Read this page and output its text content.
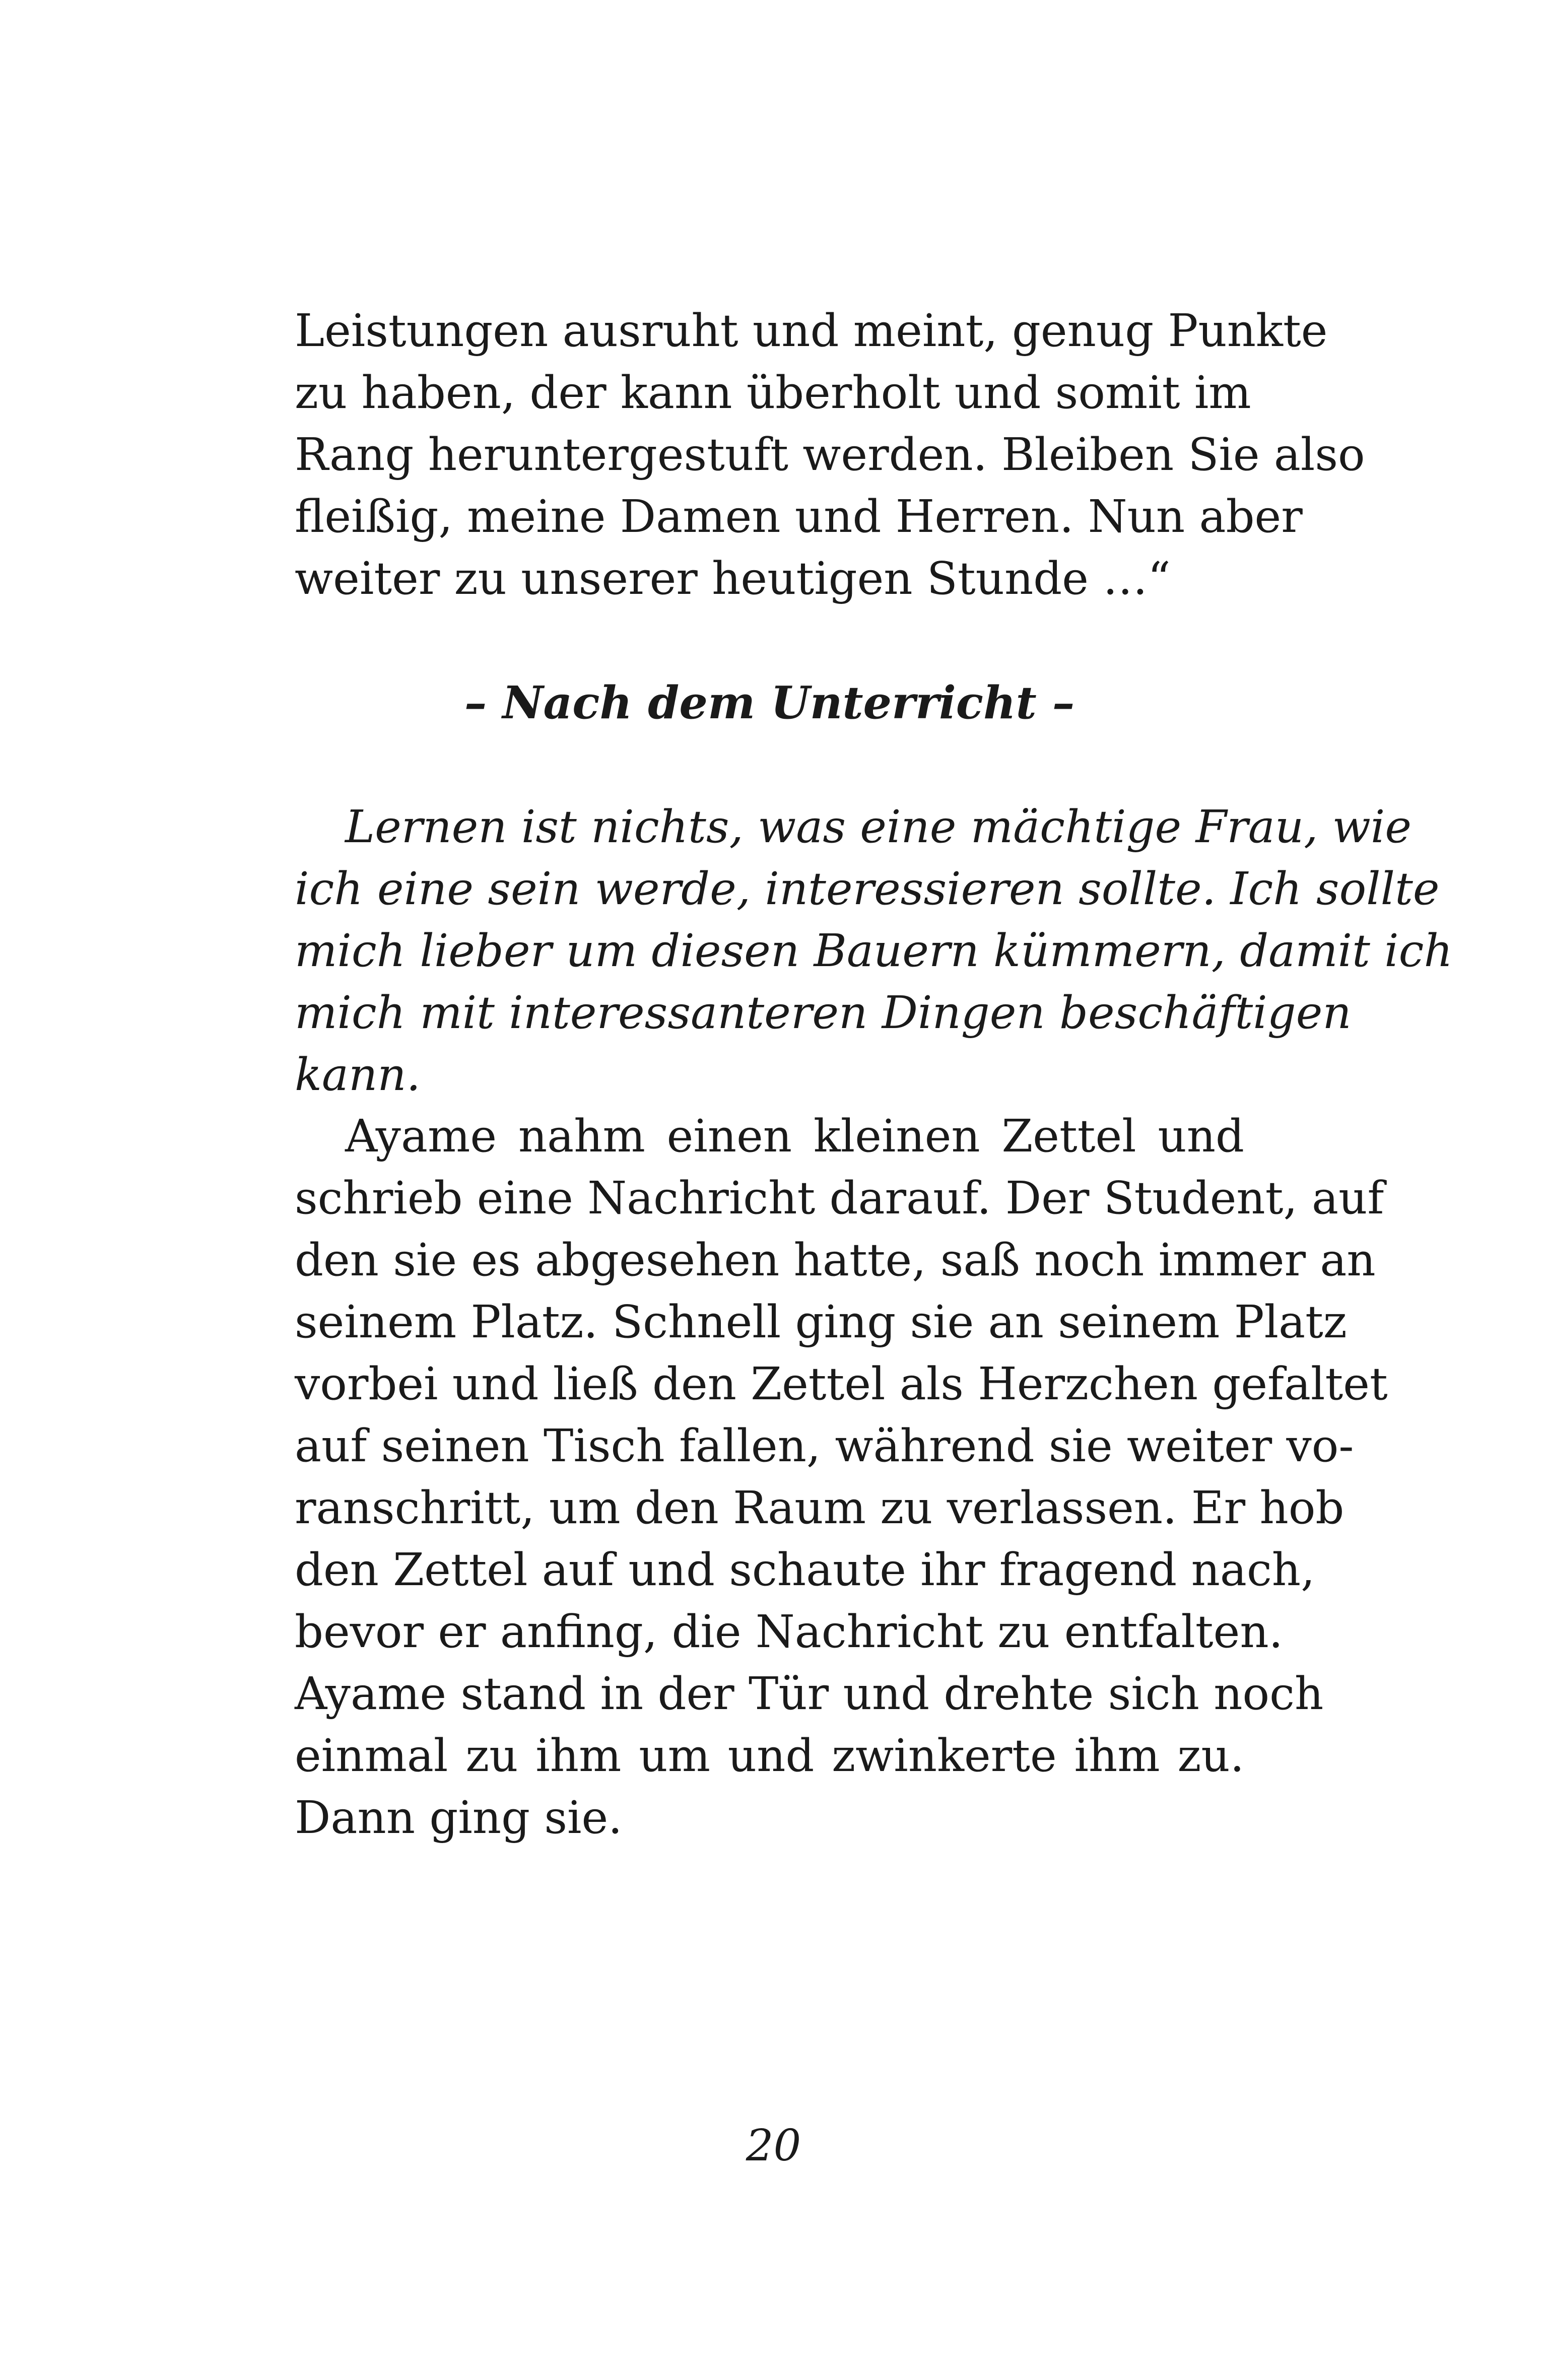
Leistungen ausruht und meint, genug Punkte
zu haben, der kann überholt und somit im
Rang heruntergestuft werden. Bleiben Sie also
fleißig, meine Damen und Herren. Nun aber
weiter zu unserer heutigen Stunde …“
– Nach dem Unterricht –
Lernen ist nichts, was eine mächtige Frau, wie
ich eine sein werde, interessieren sollte. Ich sollte
mich lieber um diesen Bauern kümmern, damit ich
mich mit interessanteren Dingen beschäftigen
kann.
Ayame nahm einen kleinen Zettel und
schrieb eine Nachricht darauf. Der Student, auf
den sie es abgesehen hatte, saß noch immer an
seinem Platz. Schnell ging sie an seinem Platz
vorbei und ließ den Zettel als Herzchen gefaltet
auf seinen Tisch fallen, während sie weiter vo-
ranschritt, um den Raum zu verlassen. Er hob
den Zettel auf und schaute ihr fragend nach,
bevor er anfing, die Nachricht zu entfalten.
Ayame stand in der Tür und drehte sich noch
einmal zu ihm um und zwinkerte ihm zu.
Dann ging sie.
20
